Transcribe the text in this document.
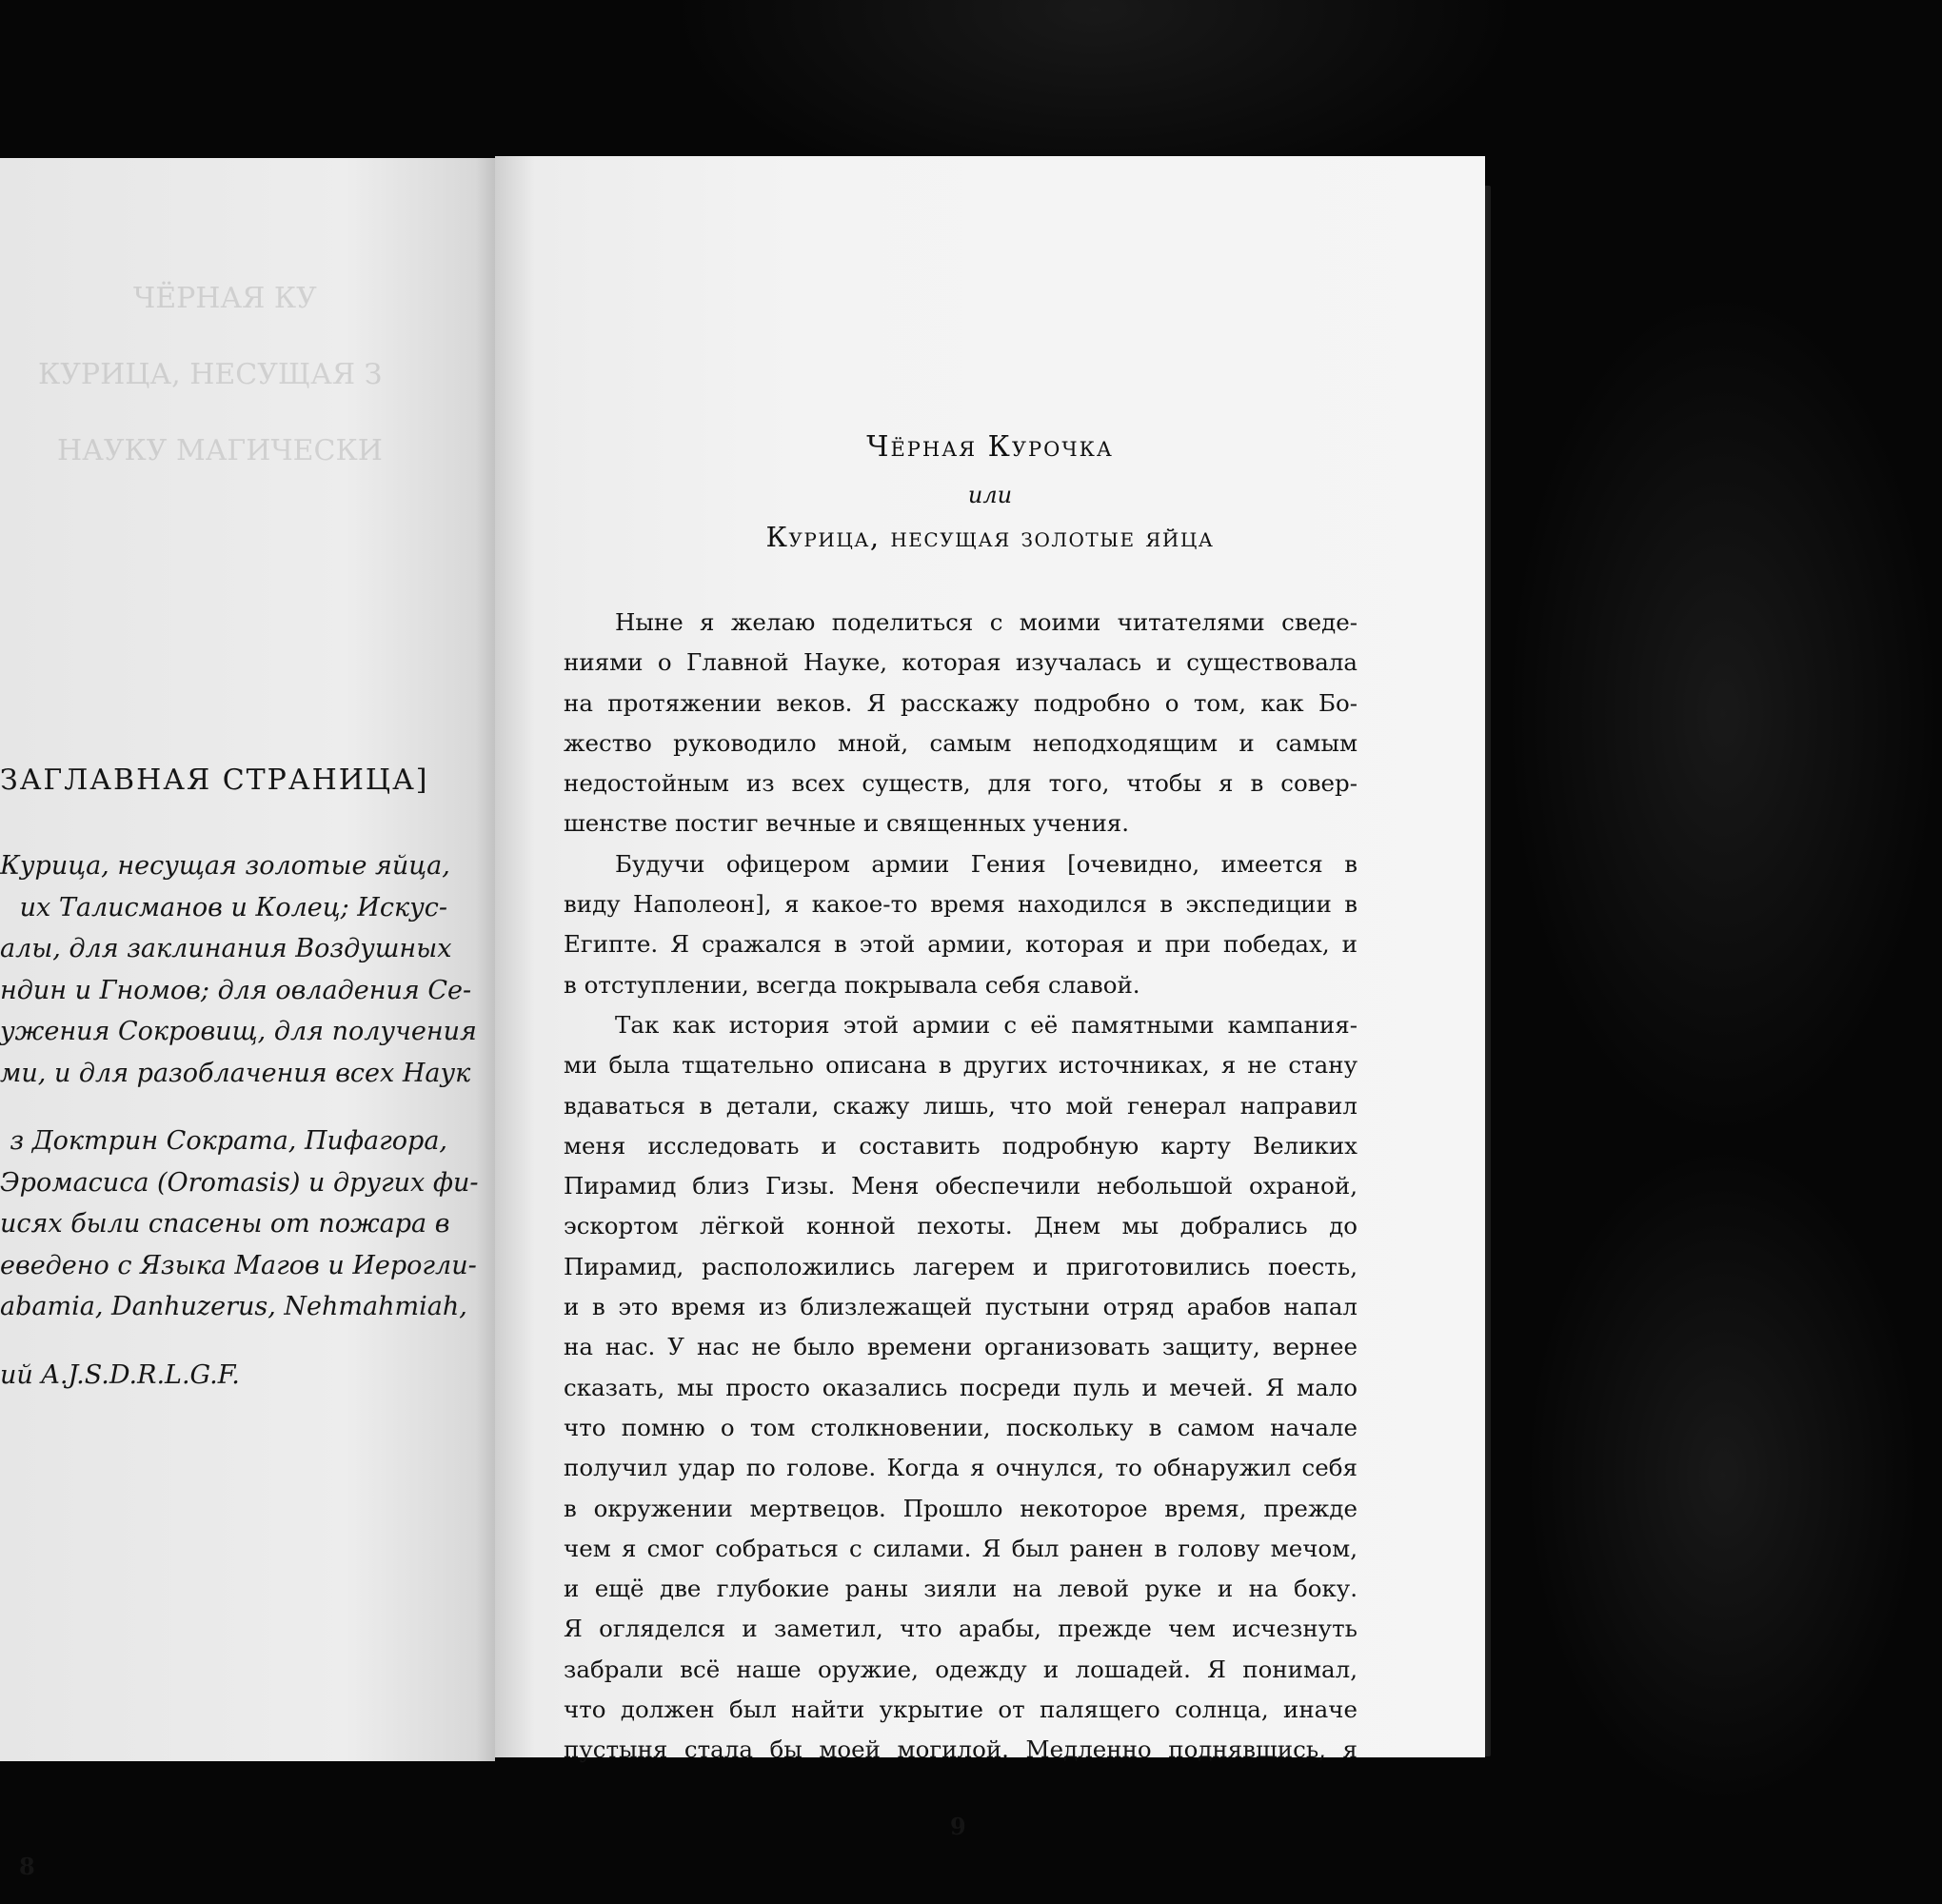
ЧЁРНАЯ КУ
КУРИЦА, НЕСУЩАЯ З
НАУКУ МАГИЧЕСКИ
ЗАГЛАВНАЯ СТРАНИЦА]
Курица, несущая золотые яйца,
их Талисманов и Колец; Искус-
алы, для заклинания Воздушных
ндин и Гномов; для овладения Се-
ужения Сокровищ, для получения
ми, и для разоблачения всех Наук
з Доктрин Сократа, Пифагора,
Эромасиса (Oromasis) и других фи-
исях были спасены от пожара в
еведено с Языка Магов и Иерогли-
abamia, Danhuzerus, Nehmahmiah,
ий A.J.S.D.R.L.G.F.
8
Чёрная Курочка
или
Курица, несущая золотые яйца
Ныне я желаю поделиться с моими читателями сведе-
ниями о Главной Науке, которая изучалась и существовала
на протяжении веков. Я расскажу подробно о том, как Бо-
жество руководило мной, самым неподходящим и самым
недостойным из всех существ, для того, чтобы я в совер-
шенстве постиг вечные и священных учения.
Будучи офицером армии Гения [очевидно, имеется в
виду Наполеон], я какое-то время находился в экспедиции в
Египте. Я сражался в этой армии, которая и при победах, и
в отступлении, всегда покрывала себя славой.
Так как история этой армии с её памятными кампания-
ми была тщательно описана в других источниках, я не стану
вдаваться в детали, скажу лишь, что мой генерал направил
меня исследовать и составить подробную карту Великих
Пирамид близ Гизы. Меня обеспечили небольшой охраной,
эскортом лёгкой конной пехоты. Днем мы добрались до
Пирамид, расположились лагерем и приготовились поесть,
и в это время из близлежащей пустыни отряд арабов напал
на нас. У нас не было времени организовать защиту, вернее
сказать, мы просто оказались посреди пуль и мечей. Я мало
что помню о том столкновении, поскольку в самом начале
получил удар по голове. Когда я очнулся, то обнаружил себя
в окружении мертвецов. Прошло некоторое время, прежде
чем я смог собраться с силами. Я был ранен в голову мечом,
и ещё две глубокие раны зияли на левой руке и на боку.
Я огляделся и заметил, что арабы, прежде чем исчезнуть
забрали всё наше оружие, одежду и лошадей. Я понимал,
что должен был найти укрытие от палящего солнца, иначе
пустыня стала бы моей могилой. Медленно поднявшись, я
9
